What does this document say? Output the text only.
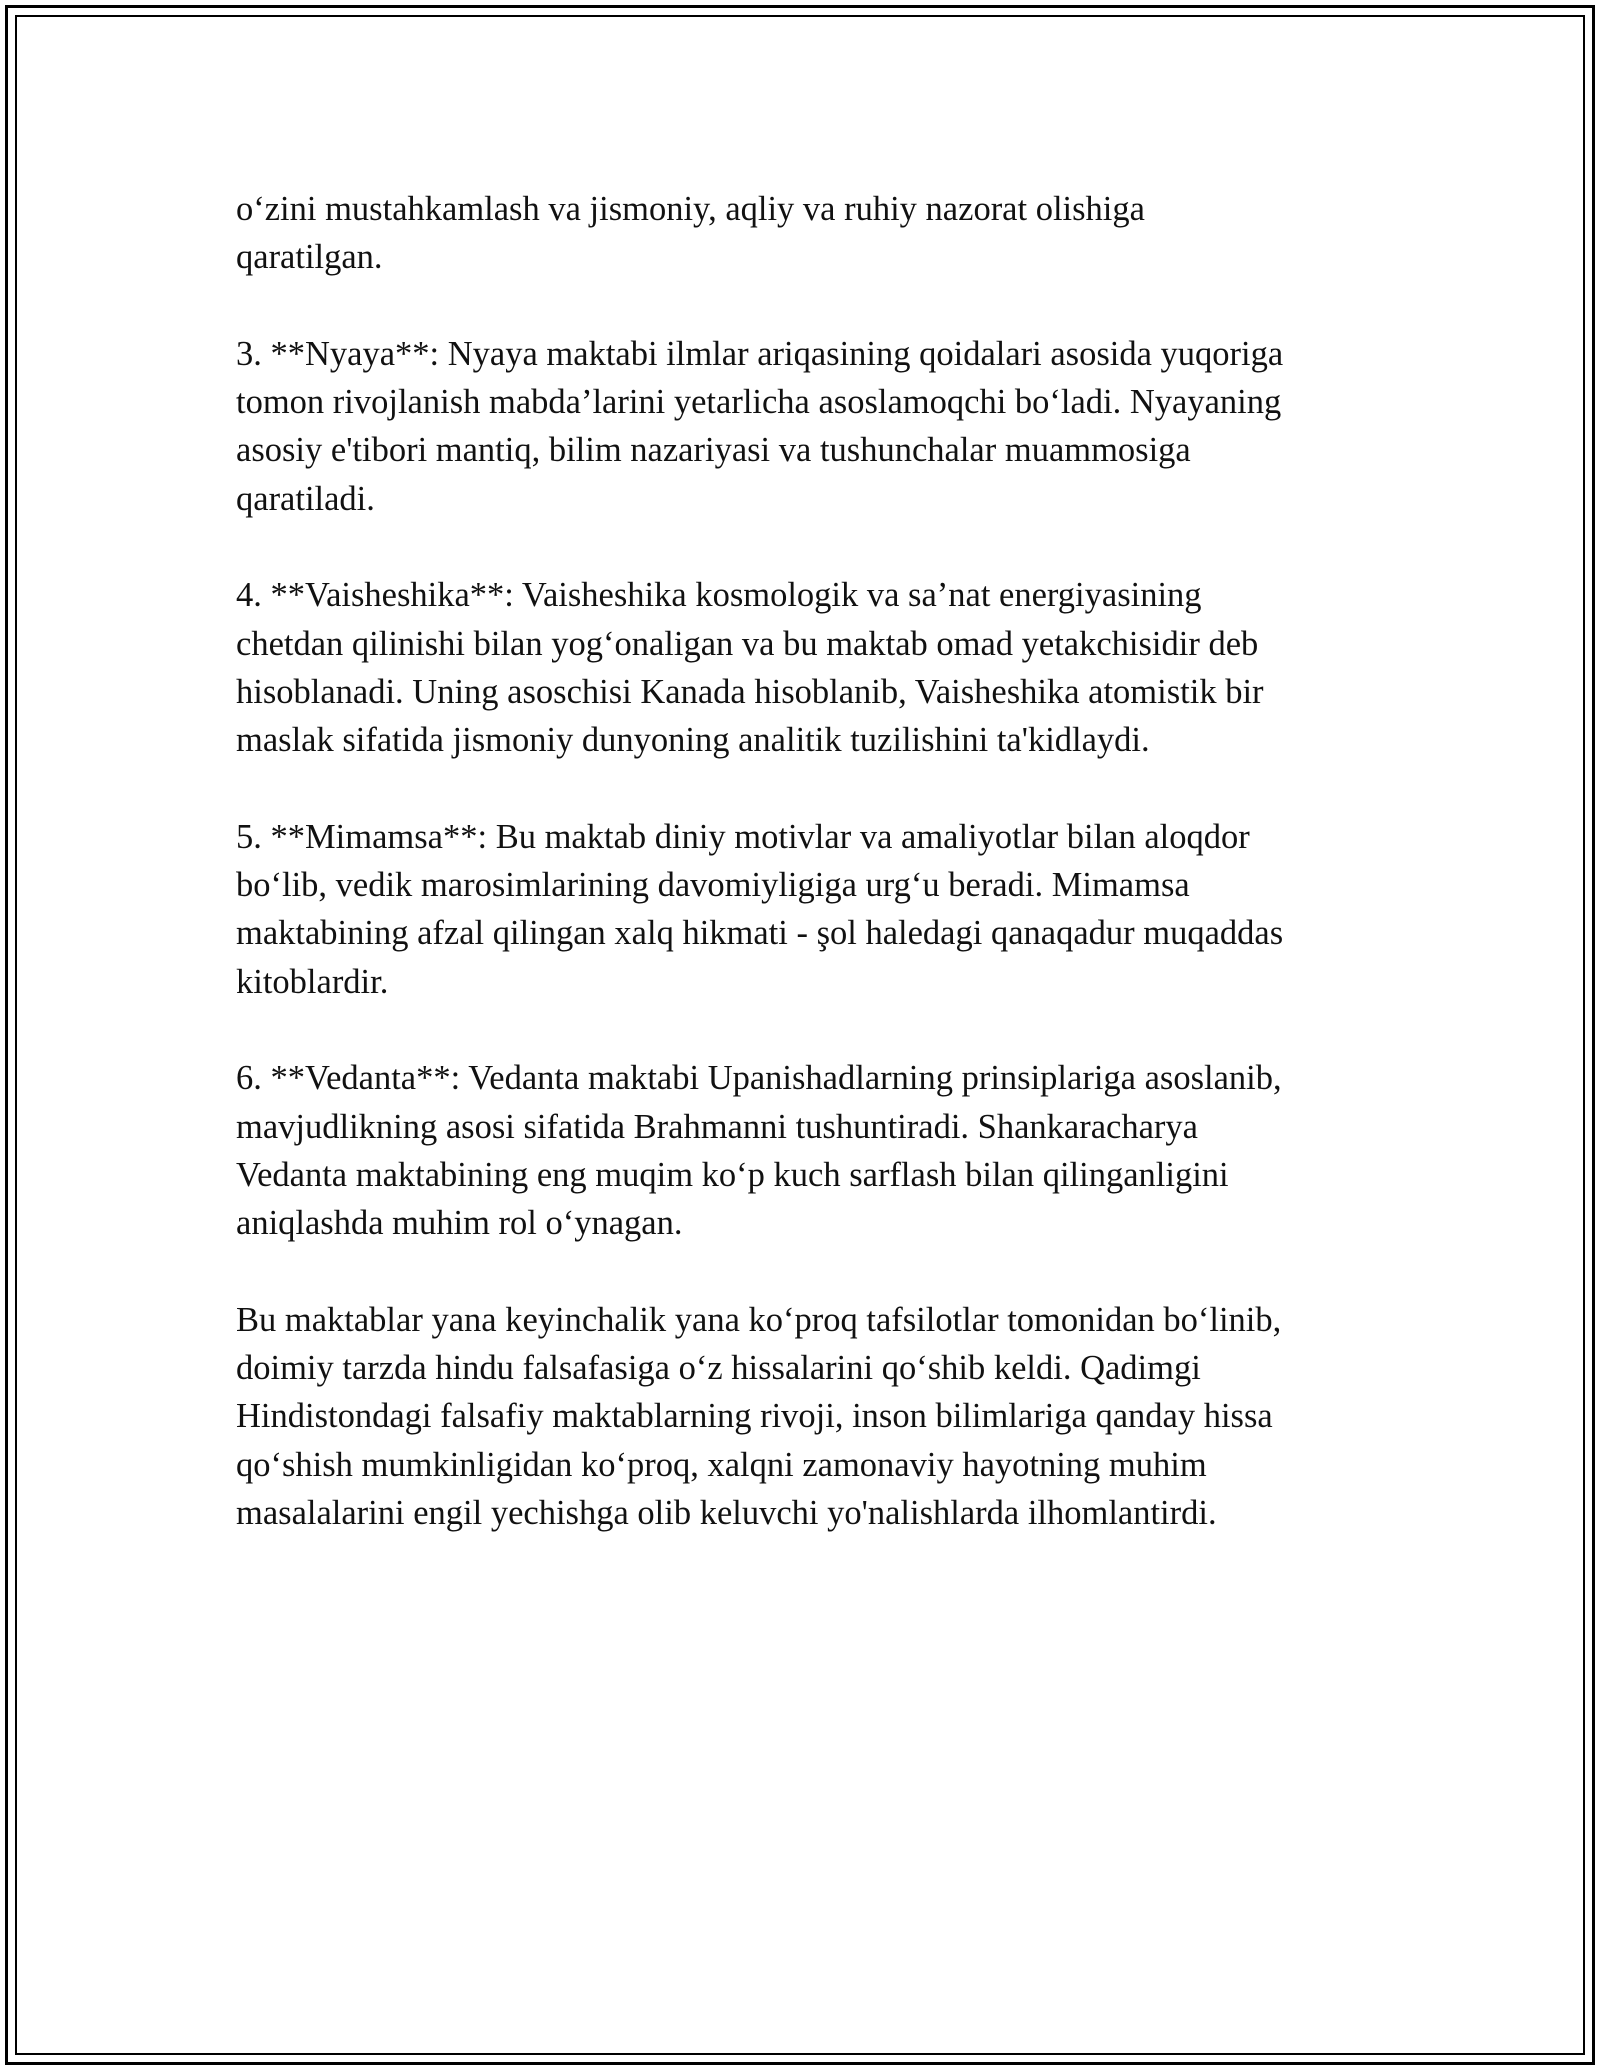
o‘zini mustahkamlash va jismoniy, aqliy va ruhiy nazorat olishiga
qaratilgan.

3. **Nyaya**: Nyaya maktabi ilmlar ariqasining qoidalari asosida yuqoriga
tomon rivojlanish mabda’larini yetarlicha asoslamoqchi bo‘ladi. Nyayaning
asosiy e'tibori mantiq, bilim nazariyasi va tushunchalar muammosiga
qaratiladi.

4. **Vaisheshika**: Vaisheshika kosmologik va sa’nat energiyasining
chetdan qilinishi bilan yog‘onaligan va bu maktab omad yetakchisidir deb
hisoblanadi. Uning asoschisi Kanada hisoblanib, Vaisheshika atomistik bir
maslak sifatida jismoniy dunyoning analitik tuzilishini ta'kidlaydi.

5. **Mimamsa**: Bu maktab diniy motivlar va amaliyotlar bilan aloqdor
bo‘lib, vedik marosimlarining davomiyligiga urg‘u beradi. Mimamsa
maktabining afzal qilingan xalq hikmati - şol haledagi qanaqadur muqaddas
kitoblardir.

6. **Vedanta**: Vedanta maktabi Upanishadlarning prinsiplariga asoslanib,
mavjudlikning asosi sifatida Brahmanni tushuntiradi. Shankaracharya
Vedanta maktabining eng muqim ko‘p kuch sarflash bilan qilinganligini
aniqlashda muhim rol o‘ynagan.

Bu maktablar yana keyinchalik yana ko‘proq tafsilotlar tomonidan bo‘linib,
doimiy tarzda hindu falsafasiga o‘z hissalarini qo‘shib keldi. Qadimgi
Hindistondagi falsafiy maktablarning rivoji, inson bilimlariga qanday hissa
qo‘shish mumkinligidan ko‘proq, xalqni zamonaviy hayotning muhim
masalalarini engil yechishga olib keluvchi yo'nalishlarda ilhomlantirdi.
